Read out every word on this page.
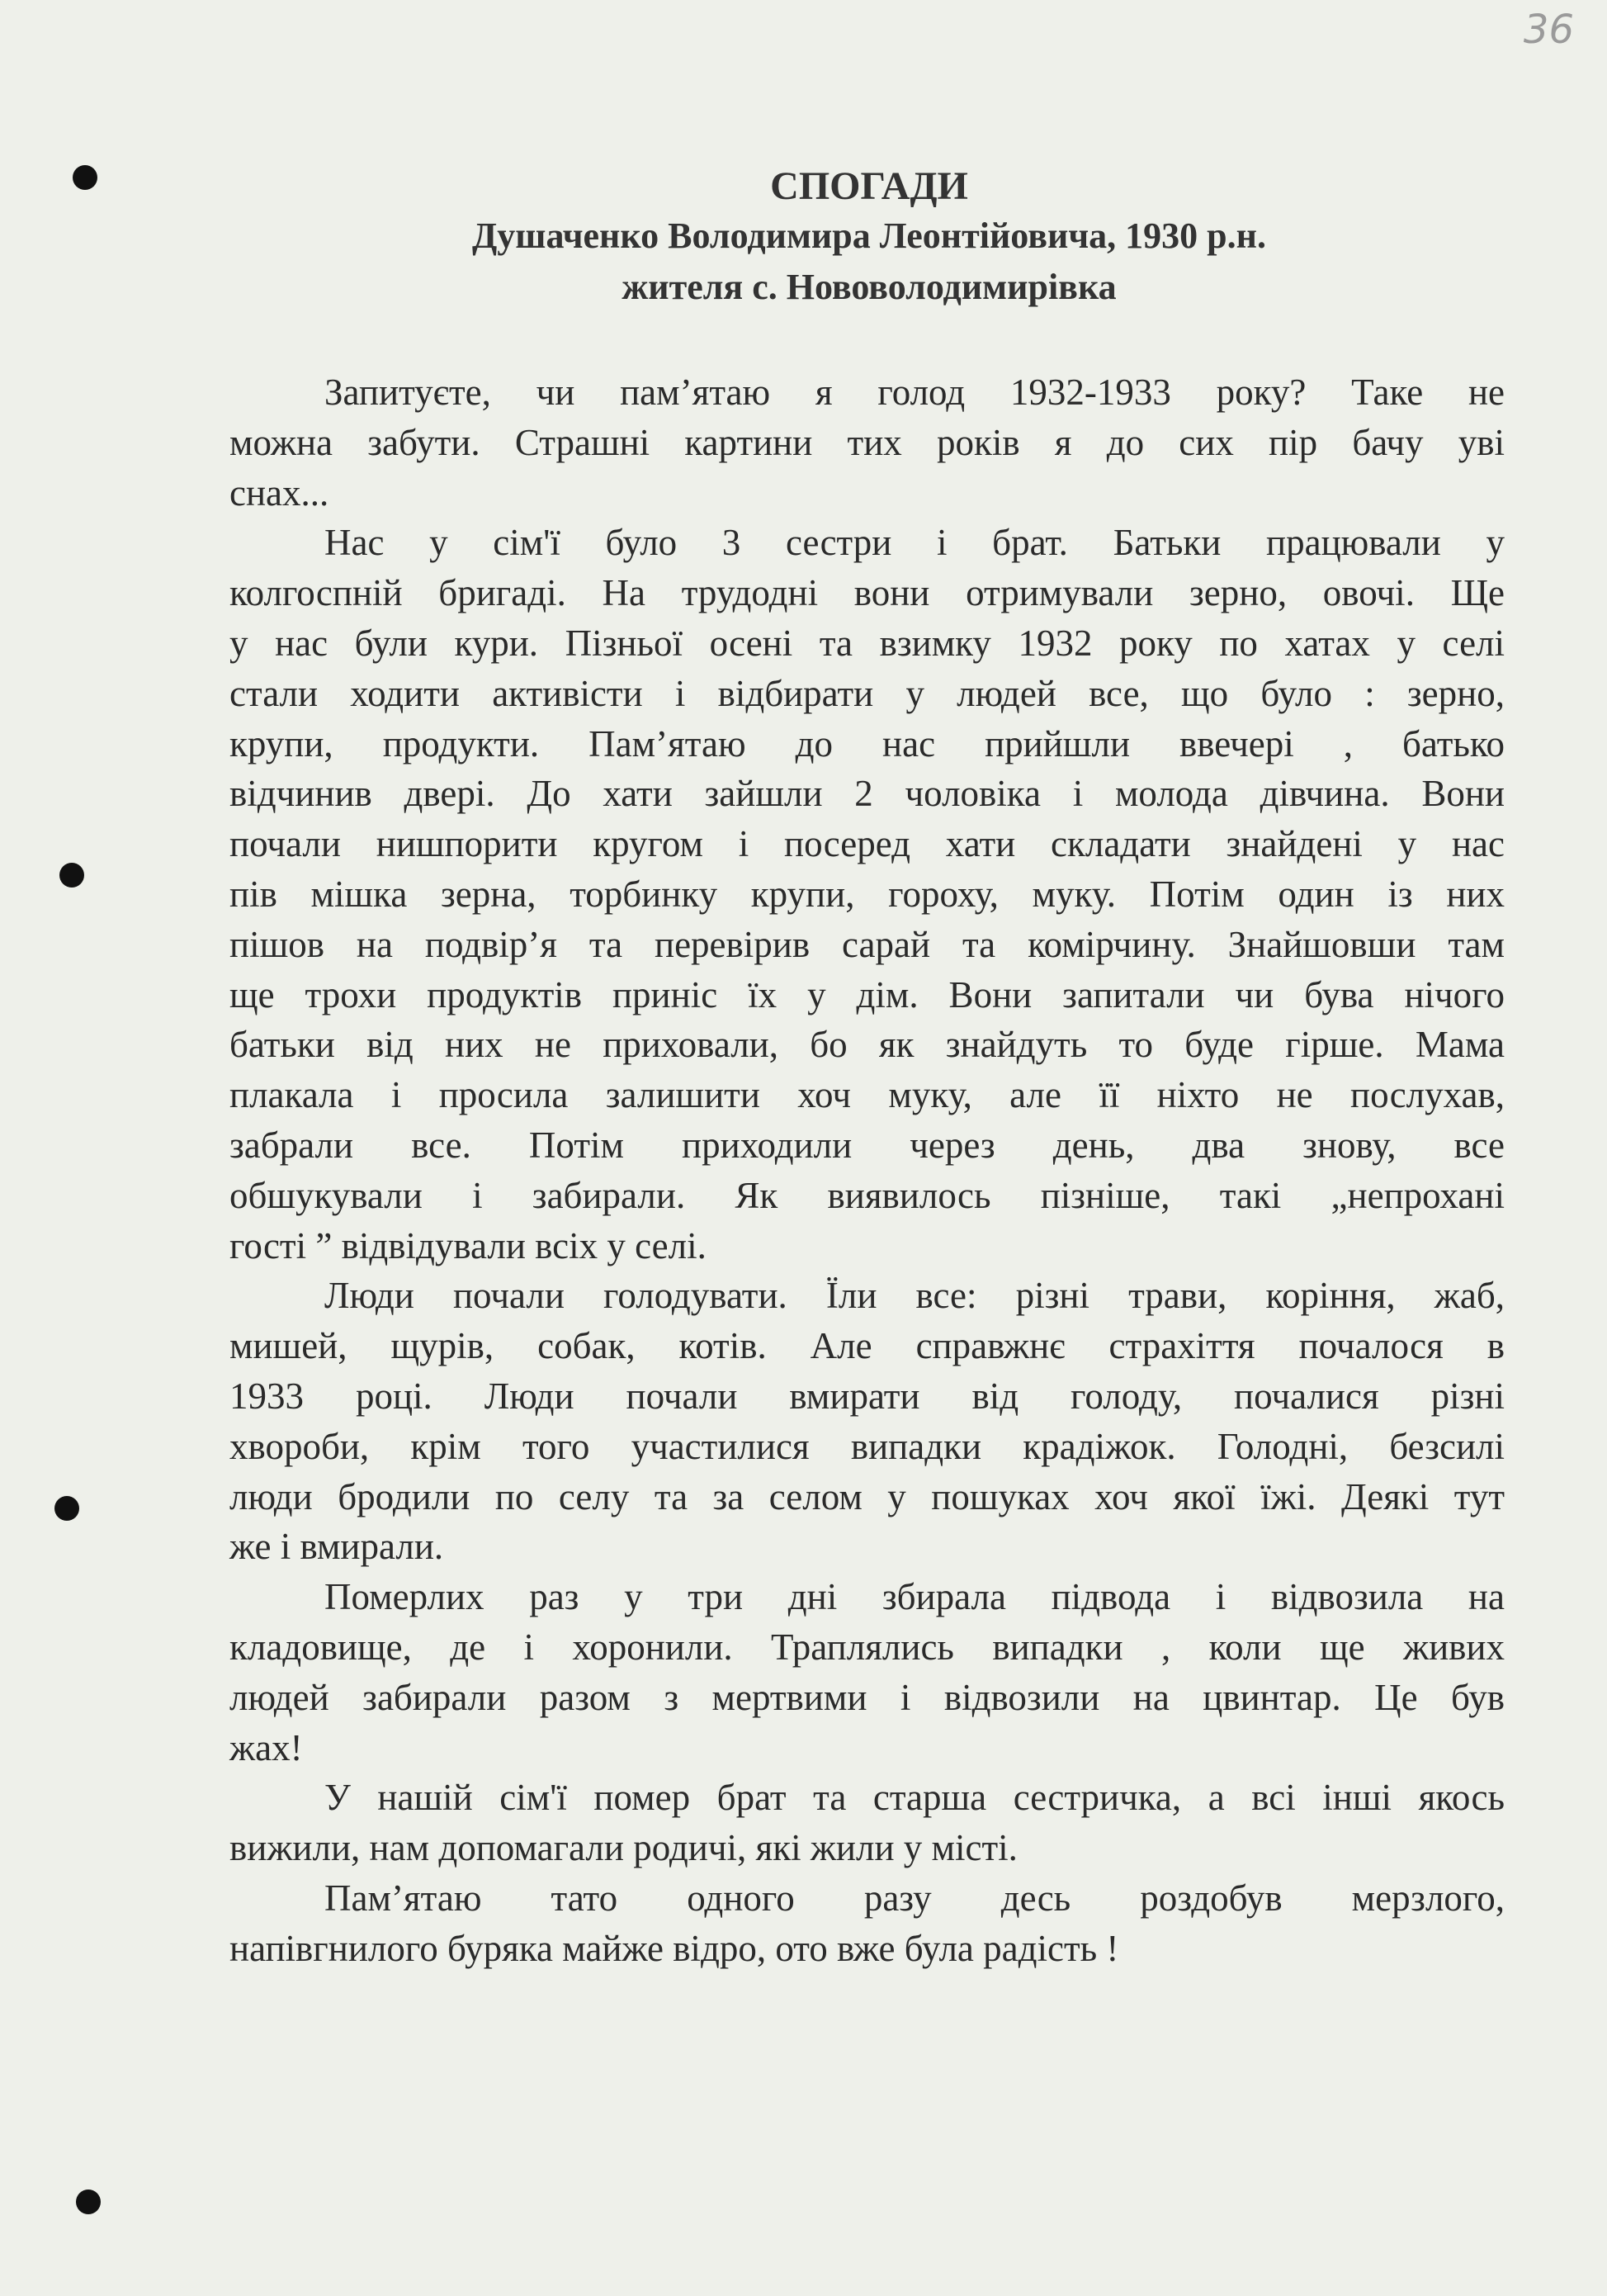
36
СПОГАДИ
Душаченко Володимира Леонтійовича, 1930 р.н.
жителя с. Нововолодимирівка
Запитуєте, чи пам’ятаю я голод 1932-1933 року? Таке не
можна забути. Страшні картини тих років я до сих пір бачу уві
снах...
Нас у сім'ї було 3 сестри і брат. Батьки працювали у
колгоспній бригаді. На трудодні вони отримували зерно, овочі. Ще
у нас були кури. Пізньої осені та взимку 1932 року по хатах у селі
стали ходити активісти і відбирати у людей все, що було : зерно,
крупи, продукти. Пам’ятаю до нас прийшли ввечері , батько
відчинив двері. До хати зайшли 2 чоловіка і молода дівчина. Вони
почали нишпорити кругом і посеред хати складати знайдені у нас
пів мішка зерна, торбинку крупи, гороху, муку. Потім один із них
пішов на подвір’я та перевірив сарай та комірчину. Знайшовши там
ще трохи продуктів приніс їх у дім. Вони запитали чи бува нічого
батьки від них не приховали, бо як знайдуть то буде гірше. Мама
плакала і просила залишити хоч муку, але її ніхто не послухав,
забрали все. Потім приходили через день, два знову, все
обшукували і забирали. Як виявилось пізніше, такі „непрохані
гості ” відвідували всіх у селі.
Люди почали голодувати. Їли все: різні трави, коріння, жаб,
мишей, щурів, собак, котів. Але справжнє страхіття почалося в
1933 році. Люди почали вмирати від голоду, почалися різні
хвороби, крім того участилися випадки крадіжок. Голодні, безсилі
люди бродили по селу та за селом у пошуках хоч якої їжі. Деякі тут
же і вмирали.
Померлих раз у три дні збирала підвода і відвозила на
кладовище, де і хоронили. Траплялись випадки , коли ще живих
людей забирали разом з мертвими і відвозили на цвинтар. Це був
жах!
У нашій сім'ї помер брат та старша сестричка, а всі інші якось
вижили, нам допомагали родичі, які жили у місті.
Пам’ятаю тато одного разу десь роздобув мерзлого,
напівгнилого буряка майже відро, ото вже була радість !
